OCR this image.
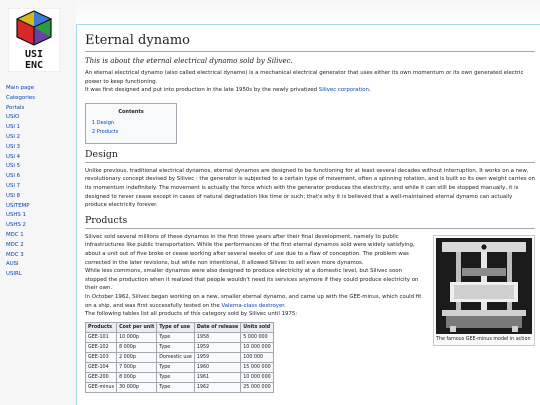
USI
ENC
Main page
Categories
Portals
USIO
USI 1
USI 2
USI 3
USI 4
USI 5
USI 6
USI 7
USI 8
USITEMP
USHS 1
USHS 2
MDC 1
MDC 2
MDC 3
AUSI
USIRL
Eternal dynamo
This is about the eternal electrical dynamo sold by Silivec.

An eternal electrical dynamo (also called electrical dynamo) is a mechanical electrical generator that uses either its own momentum or its own generated electric power to keep functioning.

It was first designed and put into production in the late 1950s by the newly privatized Silivec corporation.

Contents
1 Design
2 Products
Design

Unlike previous, traditional electrical dynamos, eternal dynamos are designed to be functioning for at least several decades without interruption. It works on a new, revolutionary concept devised by Silivec : the generator is subjected to a certain type of movement, often a spinning rotation, and is built so its own weight carries on its momentum indefinitely. The movement is actually the force which with the generator produces the electricity, and while it can still be stopped manually, it is designed to never cease except in cases of natural degradation like time or such; that's why it is believed that a well-maintained eternal dynamo can actually produce electricity forever.

Products

Silivec sold several millions of these dynamos in the first three years after their final development, namely to public infrastructures like public transportation. While the performances of the first eternal dynamos sold were widely satisfying, about a unit out of five broke or cease working after several weeks of use due to a flaw of conception. The problem was corrected in the later revisions, but while non intentional, it allowed Silivec to sell even more dynamos.

While less commons, smaller dynamos were also designed to produce electricity at a domestic level, but Silivec soon stopped the production when it realized that people wouldn't need its services anymore if they could produce electricity on their own.

In October 1962, Silivec began working on a new, smaller eternal dynamo, and came up with the GEE-minus, which could fit on a ship, and was first successfully tested on the Valerna-class destroyer.

The following tables list all products of this category sold by Silivec until 1975:

Products	Cost per unit	Type of use	Date of release	Units sold
GEE-101	10 000p	Type	1958	5 000 000
GEE-102	8 000p	Type	1959	10 000 000
GEE-103	2 000p	Domestic use	1959	100 000
GEE-104	7 000p	Type	1960	15 000 000
GEE-200	8 000p	Type	1961	10 000 000
GEE-minus	30 000p	Type	1962	25 000 000
The famous GEE-minus model in action
